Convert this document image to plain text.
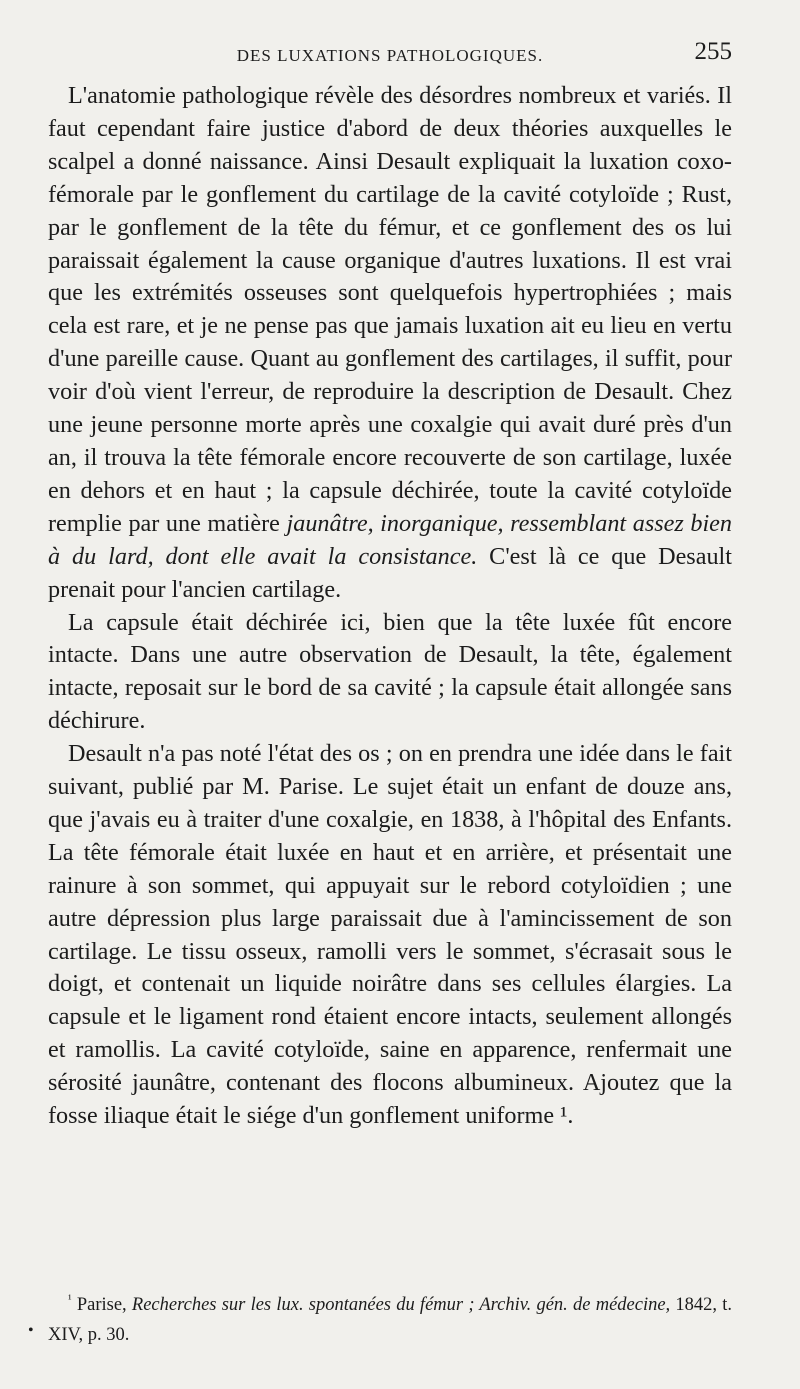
DES LUXATIONS PATHOLOGIQUES.	255

L'anatomie pathologique révèle des désordres nombreux et variés. Il faut cependant faire justice d'abord de deux théories auxquelles le scalpel a donné naissance. Ainsi Desault expliquait la luxation coxo-fémorale par le gonflement du cartilage de la cavité cotyloïde ; Rust, par le gonflement de la tête du fémur, et ce gonflement des os lui paraissait également la cause organique d'autres luxations. Il est vrai que les extrémités osseuses sont quelquefois hypertrophiées ; mais cela est rare, et je ne pense pas que jamais luxation ait eu lieu en vertu d'une pareille cause. Quant au gonflement des cartilages, il suffit, pour voir d'où vient l'erreur, de reproduire la description de Desault. Chez une jeune personne morte après une coxalgie qui avait duré près d'un an, il trouva la tête fémorale encore recouverte de son cartilage, luxée en dehors et en haut ; la capsule déchirée, toute la cavité cotyloïde remplie par une matière jaunâtre, inorganique, ressemblant assez bien à du lard, dont elle avait la consistance. C'est là ce que Desault prenait pour l'ancien cartilage.

La capsule était déchirée ici, bien que la tête luxée fût encore intacte. Dans une autre observation de Desault, la tête, également intacte, reposait sur le bord de sa cavité ; la capsule était allongée sans déchirure.

Desault n'a pas noté l'état des os ; on en prendra une idée dans le fait suivant, publié par M. Parise. Le sujet était un enfant de douze ans, que j'avais eu à traiter d'une coxalgie, en 1838, à l'hôpital des Enfants. La tête fémorale était luxée en haut et en arrière, et présentait une rainure à son sommet, qui appuyait sur le rebord cotyloïdien ; une autre dépression plus large paraissait due à l'amincissement de son cartilage. Le tissu osseux, ramolli vers le sommet, s'écrasait sous le doigt, et contenait un liquide noirâtre dans ses cellules élargies. La capsule et le ligament rond étaient encore intacts, seulement allongés et ramollis. La cavité cotyloïde, saine en apparence, renfermait une sérosité jaunâtre, contenant des flocons albumineux. Ajoutez que la fosse iliaque était le siége d'un gonflement uniforme ¹.

•
$^{^1}$ Parise, Recherches sur les lux. spontanées du fémur ; Archiv. gén. de médecine, 1842, t. XIV, p. 30.
